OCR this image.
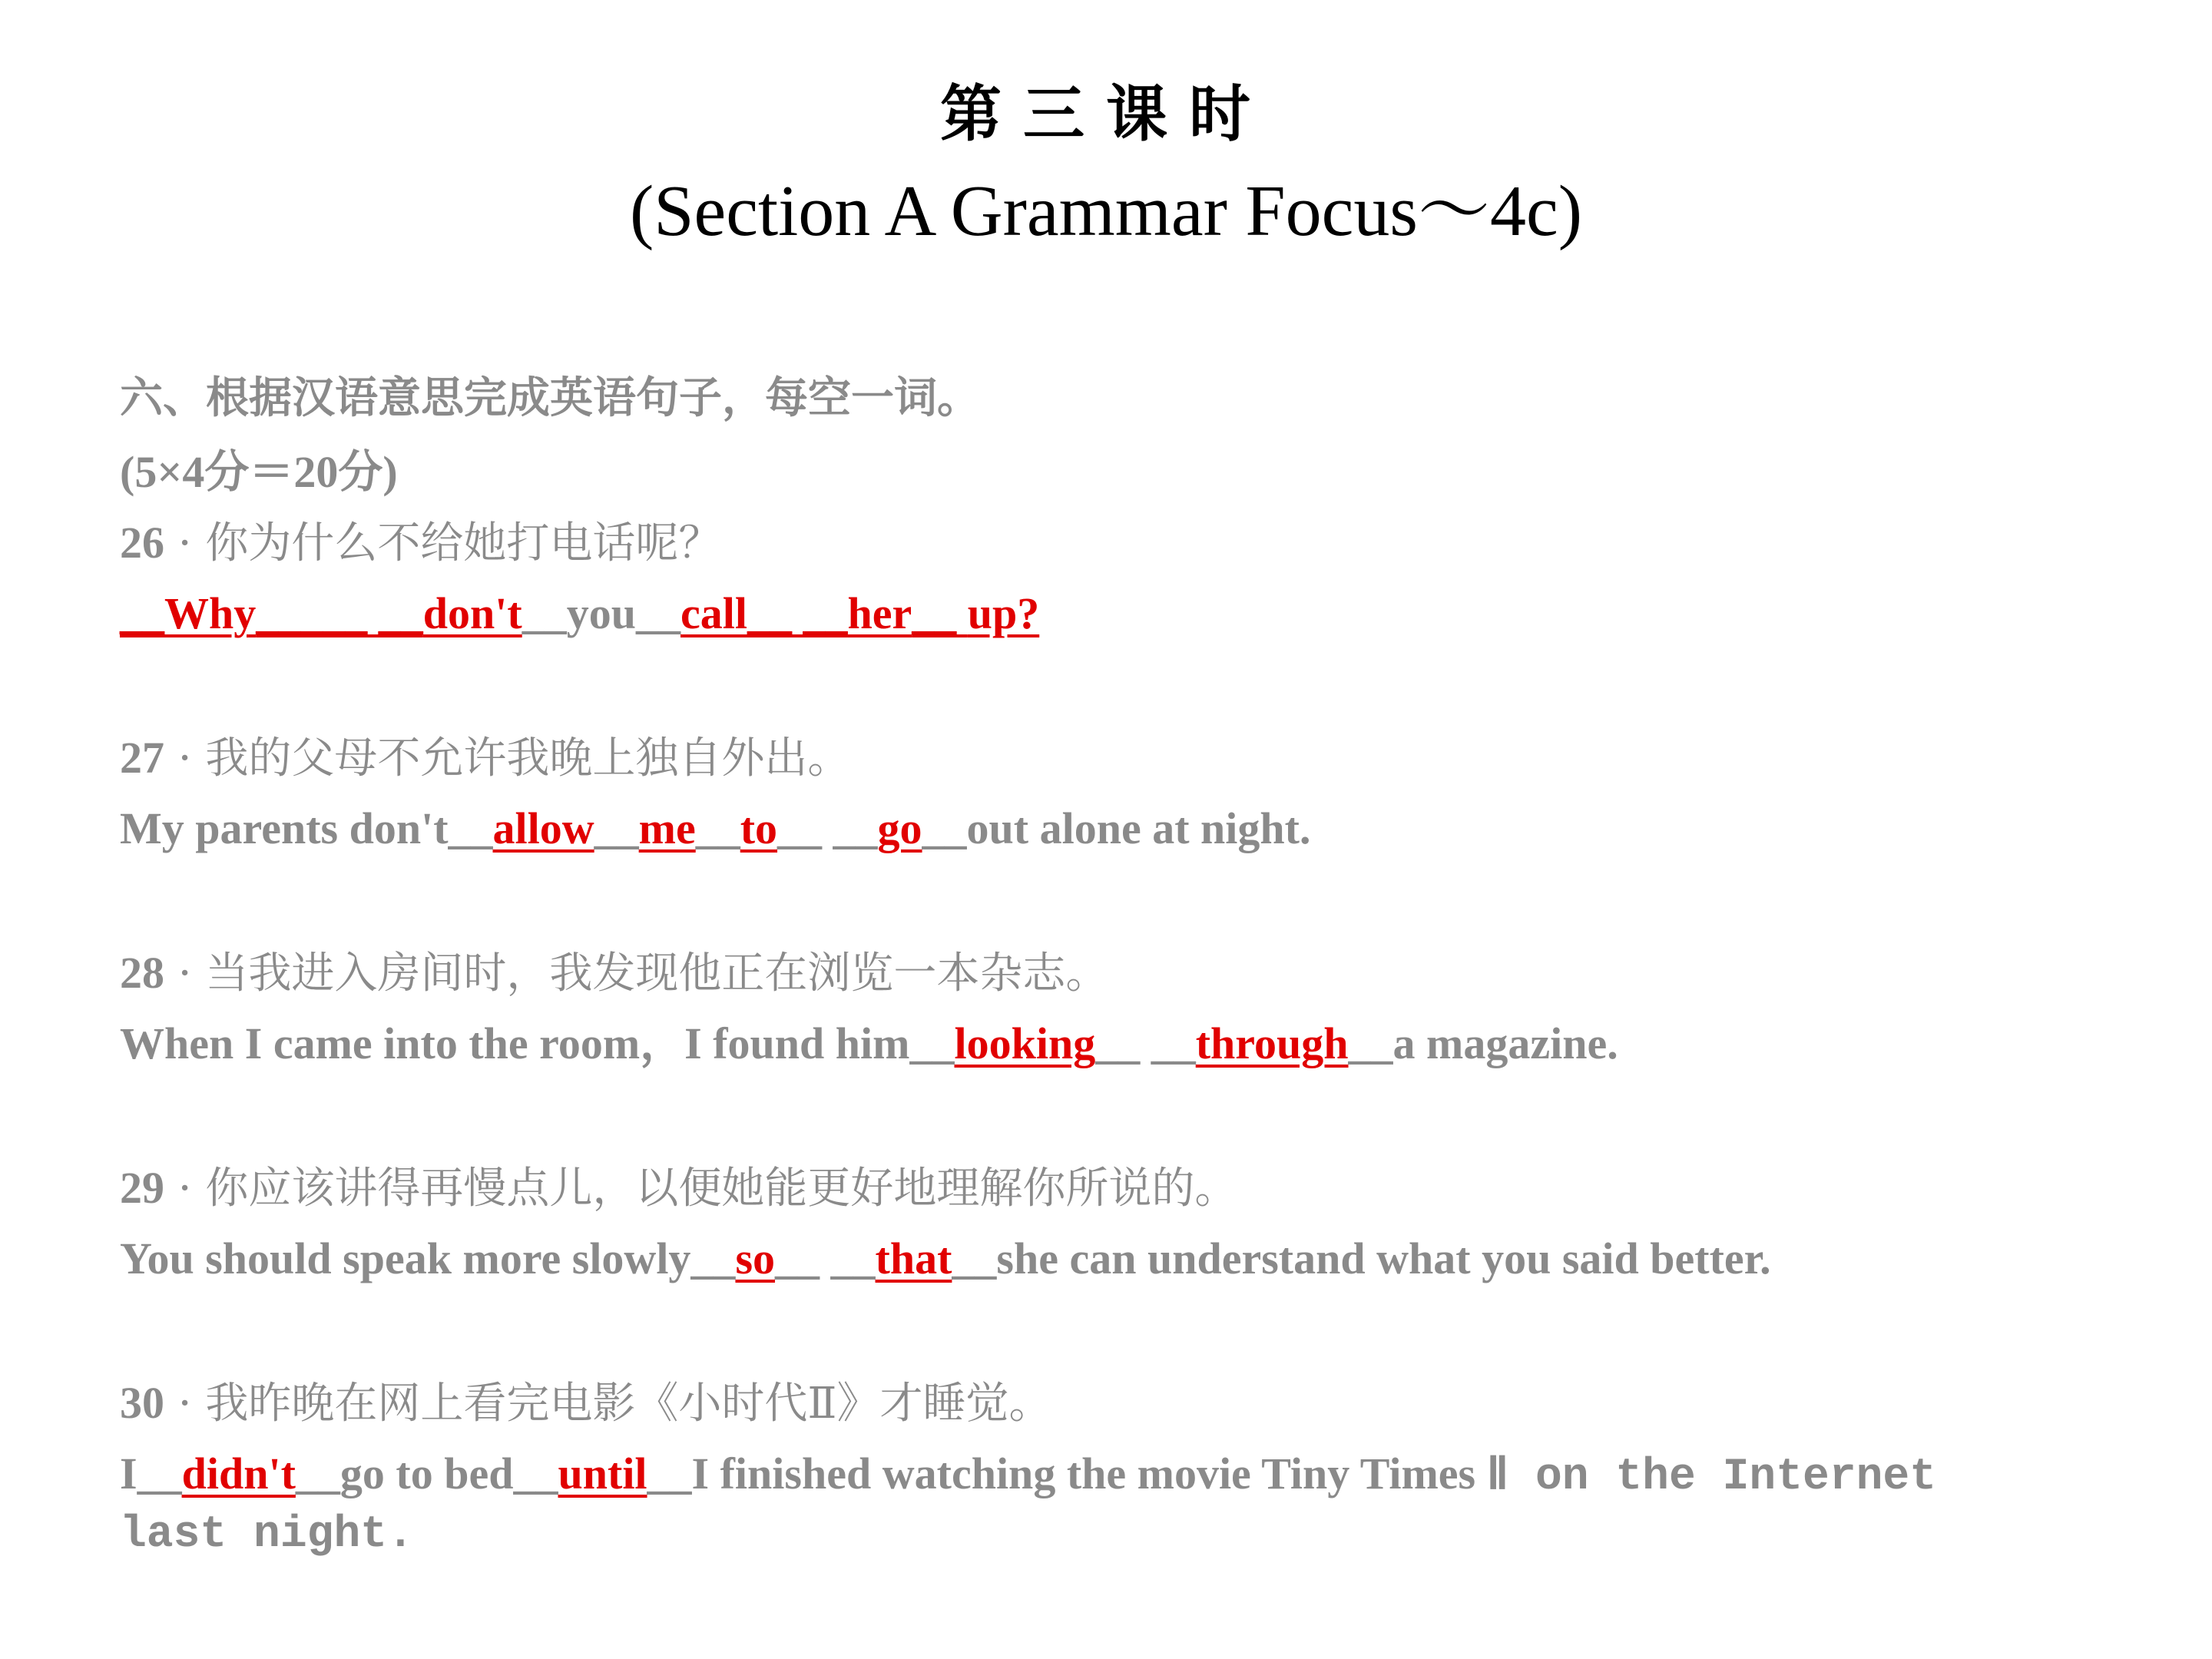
第三课时
(Section A Grammar Focus～4c)
六、根据汉语意思完成英语句子，每空一词。
(5×4分＝20分)
26 · 你为什么不给她打电话呢？
__Why_____ __don't__you__call__ __her__ up?
27 · 我的父母不允许我晚上独自外出。
My parents don't__allow__me__to__ __go__out alone at night.
28 · 当我进入房间时，我发现他正在浏览一本杂志。
When I came into the room，I found him__looking__ __through__a magazine.
29 · 你应该讲得再慢点儿，以便她能更好地理解你所说的。
You should speak more slowly__so__ __that__she can understand what you said better.
30 · 我昨晚在网上看完电影《小时代Ⅱ》才睡觉。
I__didn't__go to bed__until__I finished watching the movie Tiny Times Ⅱ on the Internet
last night.
